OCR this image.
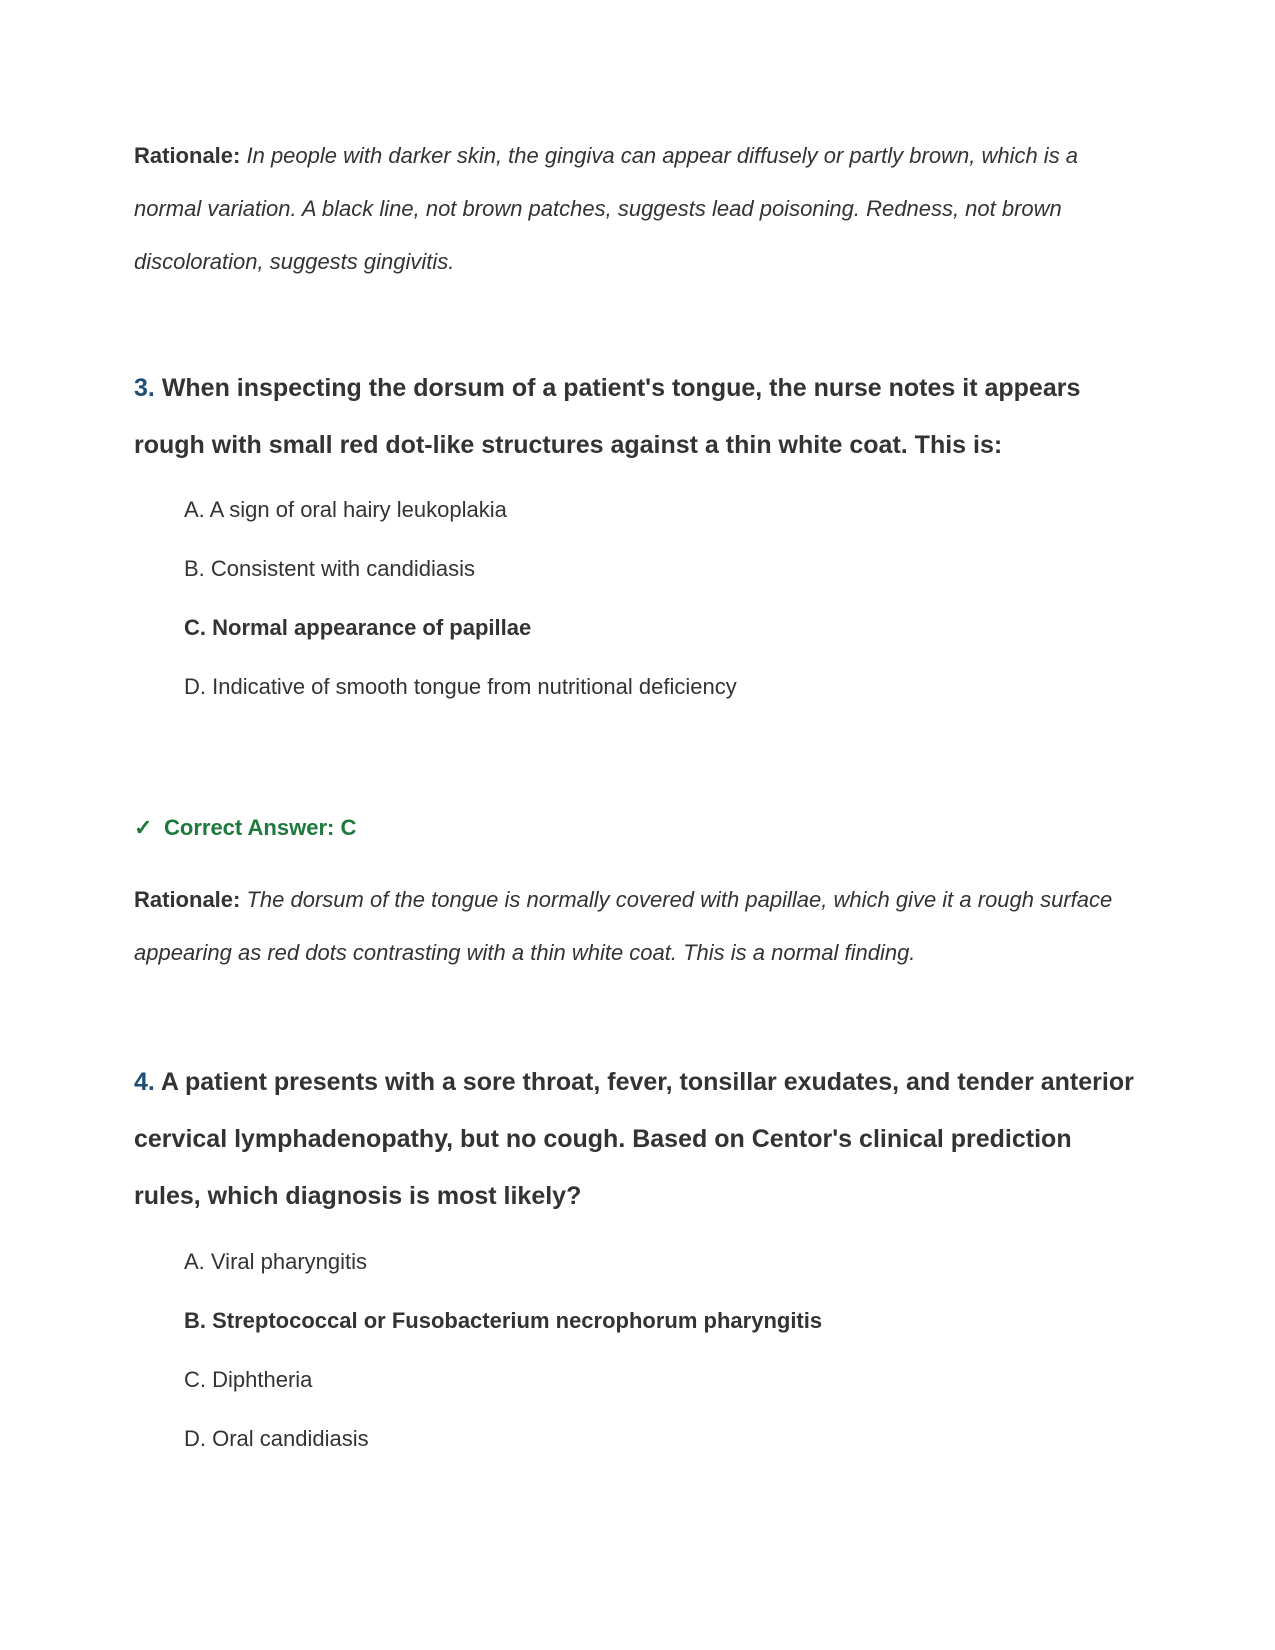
Rationale: In people with darker skin, the gingiva can appear diffusely or partly brown, which is a normal variation. A black line, not brown patches, suggests lead poisoning. Redness, not brown discoloration, suggests gingivitis.
3. When inspecting the dorsum of a patient's tongue, the nurse notes it appears rough with small red dot-like structures against a thin white coat. This is:
A. A sign of oral hairy leukoplakia
B. Consistent with candidiasis
C. Normal appearance of papillae
D. Indicative of smooth tongue from nutritional deficiency
✓ Correct Answer: C
Rationale: The dorsum of the tongue is normally covered with papillae, which give it a rough surface appearing as red dots contrasting with a thin white coat. This is a normal finding.
4. A patient presents with a sore throat, fever, tonsillar exudates, and tender anterior cervical lymphadenopathy, but no cough. Based on Centor's clinical prediction rules, which diagnosis is most likely?
A. Viral pharyngitis
B. Streptococcal or Fusobacterium necrophorum pharyngitis
C. Diphtheria
D. Oral candidiasis
